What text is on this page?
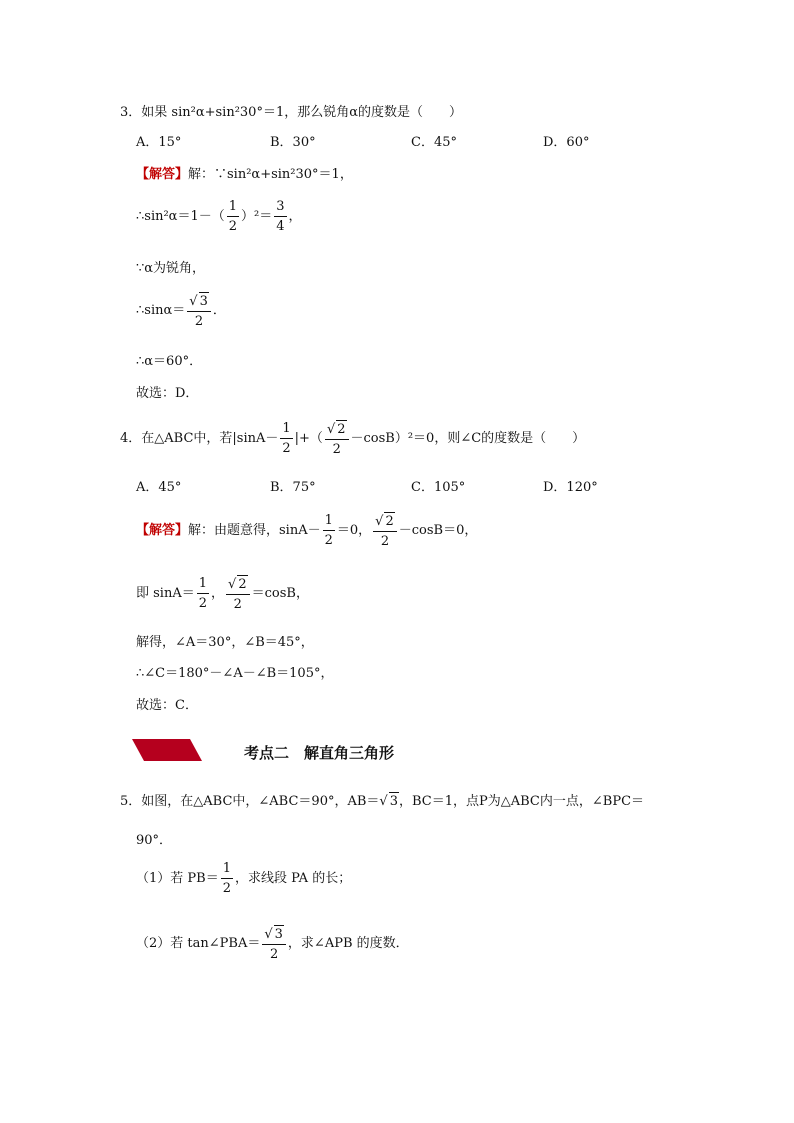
3．如果 sin²α+sin²30°＝1，那么锐角α的度数是（　　）
A．15°	B．30°	C．45°	D．60°
【解答】解：∵sin²α+sin²30°＝1，
∴sin²α＝1－（ $\frac{1}{2} )^2= \frac{3}{4}$ ，
∵α为锐角，
∴sinα＝ $\frac{√ 3}{2}$ ．
∴α＝60°．
故选：D．
4．在△ABC中，若$|\sin A- \frac{1}{2}$ |+（ $\frac{√ 2}{2} -\cos B)^2=0$，则∠C的度数是（　　）
A．45°	B．75°	C．105°	D．120°
【解答】解：由题意得，$\sin A- \frac{1}{2} =0$， $\frac{√ 2}{2} -\cos B=0$，
即 $\sin A= \frac{1}{2}$ ， $\frac{√ 2}{2} =\cos B$，
解得，∠A＝30°，∠B＝45°，
∴∠C＝180°－∠A－∠B＝105°，
故选：C．
考点二　解直角三角形
5．如图，在△ABC中，∠ABC＝90°，AB＝√ 3，BC＝1，点P为△ABC内一点，∠BPC＝
90°．
（1）若 $PB= \frac{1}{2}$ ，求线段 PA 的长；
（2）若 tan∠PBA＝ $\frac{√ 3}{2}$ ，求∠APB 的度数．
